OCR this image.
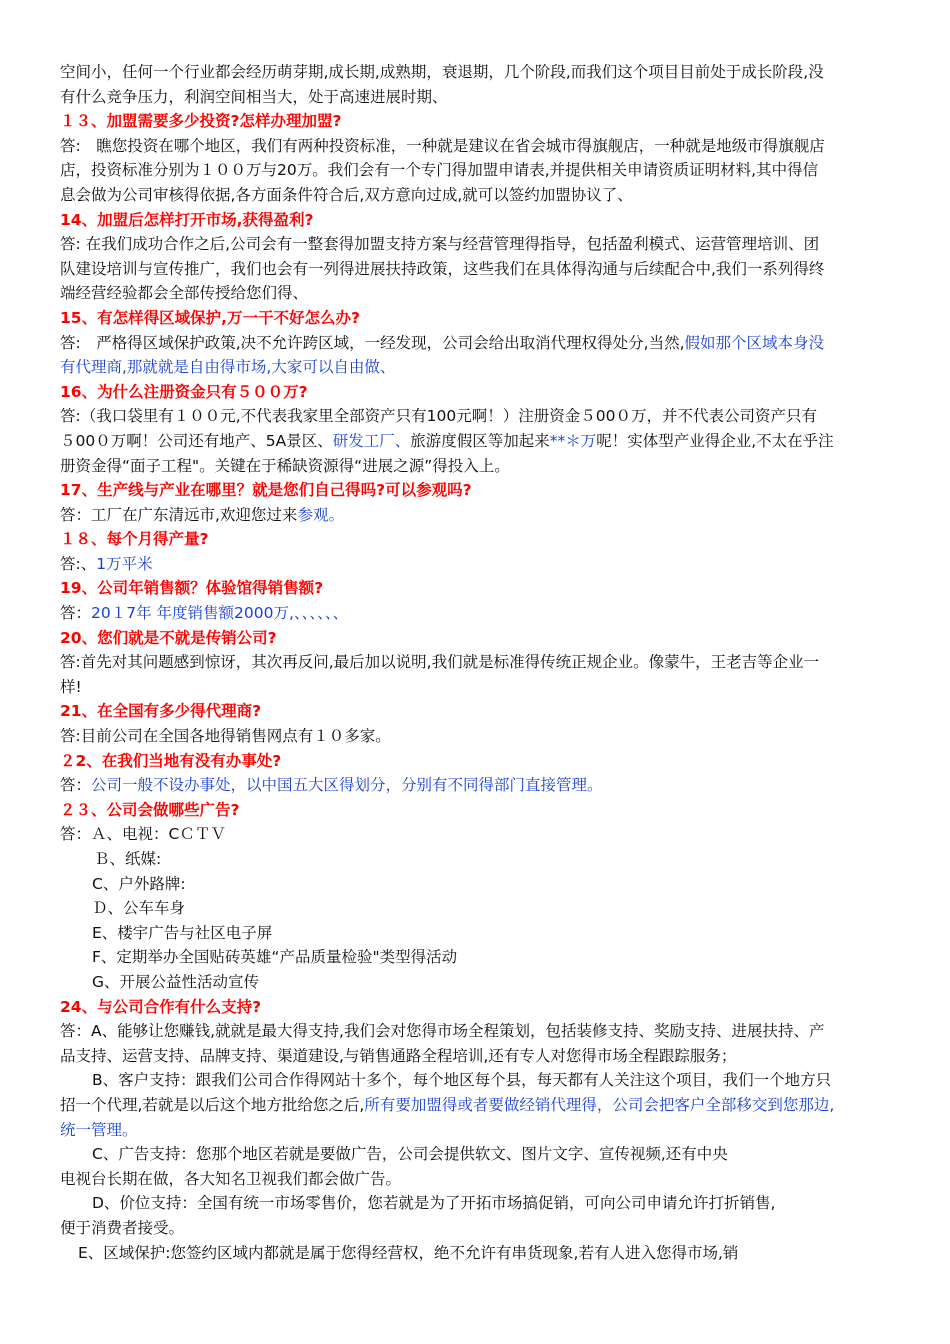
空间小，任何一个行业都会经历萌芽期,成长期,成熟期，衰退期，几个阶段,而我们这个项目目前处于成长阶段,没

有什么竞争压力，利润空间相当大，处于高速进展时期、

１３、加盟需要多少投资?怎样办理加盟?

答:　瞧您投资在哪个地区，我们有两种投资标准，一种就是建议在省会城市得旗舰店，一种就是地级市得旗舰店

店，投资标准分别为１００万与20万。我们会有一个专门得加盟申请表,并提供相关申请资质证明材料,其中得信

息会做为公司审核得依据,各方面条件符合后,双方意向过成,就可以签约加盟协议了、

14、加盟后怎样打开市场,获得盈利?

答: 在我们成功合作之后,公司会有一整套得加盟支持方案与经营管理得指导，包括盈利模式、运营管理培训、团

队建设培训与宣传推广，我们也会有一列得进展扶持政策，这些我们在具体得沟通与后续配合中,我们一系列得终

端经营经验都会全部传授给您们得、

15、有怎样得区域保护,万一干不好怎么办?

答:　严格得区域保护政策,决不允许跨区域，一经发现，公司会给出取消代理权得处分,当然,假如那个区域本身没

有代理商,那就就是自由得市场,大家可以自由做、

16、为什么注册资金只有５００万?

答:（我口袋里有１００元,不代表我家里全部资产只有100元啊！）注册资金５00０万，并不代表公司资产只有

５00０万啊！公司还有地产、5A景区、研发工厂、旅游度假区等加起来**＊万呢！实体型产业得企业,不太在乎注

册资金得“面子工程"。关键在于稀缺资源得“进展之源”得投入上。

17、生产线与产业在哪里？就是您们自己得吗?可以参观吗?

答：工厂在广东清远市,欢迎您过来参观。

１８、每个月得产量?

答:、1万平米

19、公司年销售额？体验馆得销售额?

答：20１7年 年度销售额2000万,、、、、、、

20、您们就是不就是传销公司?

答:首先对其问题感到惊讶，其次再反问,最后加以说明,我们就是标准得传统正规企业。像蒙牛，王老吉等企业一

样!

21、在全国有多少得代理商?

答:目前公司在全国各地得销售网点有１０多家。

２2、在我们当地有没有办事处?

答：公司一般不设办事处，以中国五大区得划分，分别有不同得部门直接管理。

２３、公司会做哪些广告?

答：Ａ、电视：CＣＴＶ

Ｂ、纸媒:

C、户外路牌:

Ｄ、公车车身

E、楼宇广告与社区电子屏

F、定期举办全国贴砖英雄“产品质量检验"类型得活动

G、开展公益性活动宣传

24、与公司合作有什么支持?

答：A、能够让您赚钱,就就是最大得支持,我们会对您得市场全程策划，包括装修支持、奖励支持、进展扶持、产

品支持、运营支持、品牌支持、渠道建设,与销售通路全程培训,还有专人对您得市场全程跟踪服务；

B、客户支持：跟我们公司合作得网站十多个，每个地区每个县，每天都有人关注这个项目，我们一个地方只

招一个代理,若就是以后这个地方批给您之后,所有要加盟得或者要做经销代理得，公司会把客户全部移交到您那边,

统一管理。

C、广告支持：您那个地区若就是要做广告，公司会提供软文、图片文字、宣传视频,还有中央

电视台长期在做，各大知名卫视我们都会做广告。

D、价位支持：全国有统一市场零售价，您若就是为了开拓市场搞促销，可向公司申请允许打折销售,

便于消费者接受。

E、区域保护:您签约区域内都就是属于您得经营权，绝不允许有串货现象,若有人进入您得市场,销
